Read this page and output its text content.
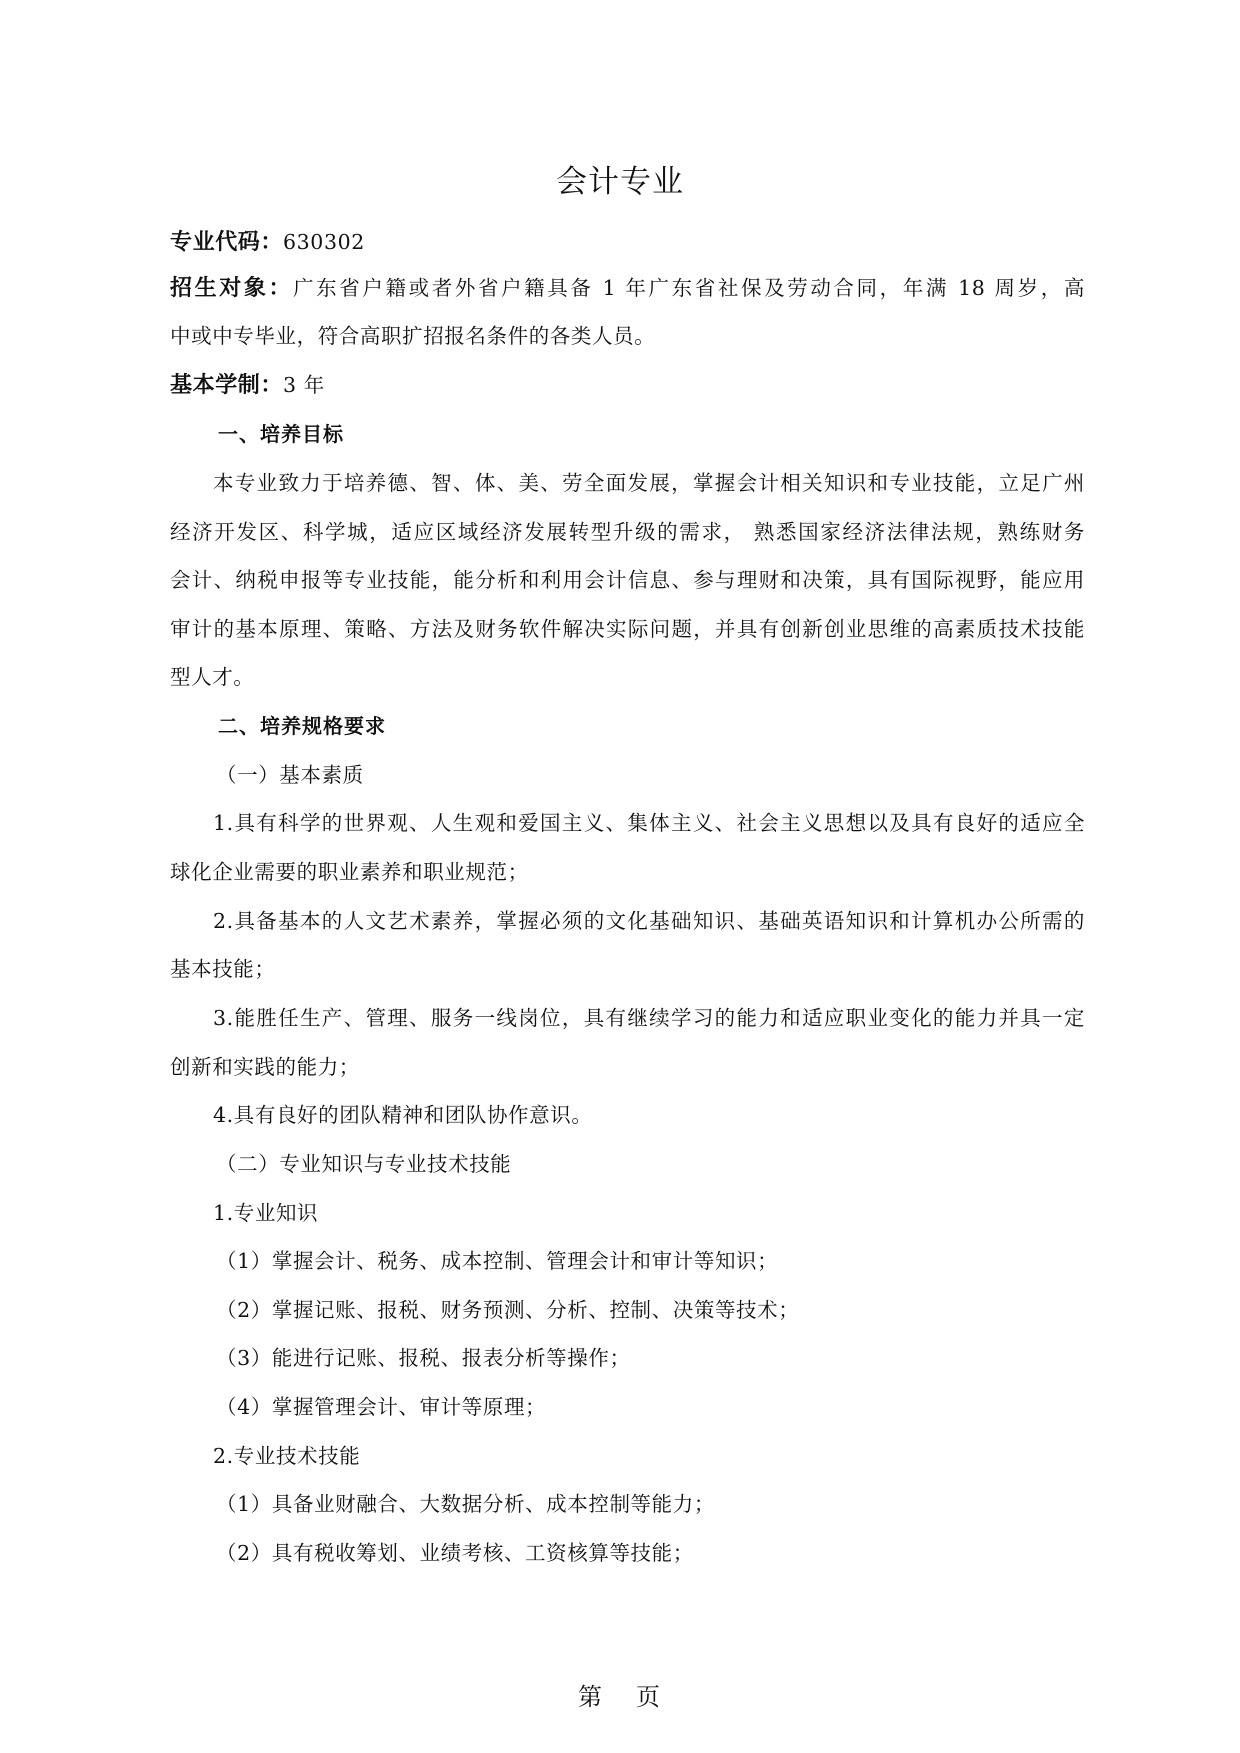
会计专业
专业代码：630302
招生对象：广东省户籍或者外省户籍具备 1 年广东省社保及劳动合同，年满 18 周岁，高
中或中专毕业，符合高职扩招报名条件的各类人员。
基本学制：3 年
一、培养目标
本专业致力于培养德、智、体、美、劳全面发展，掌握会计相关知识和专业技能，立足广州
经济开发区、科学城，适应区域经济发展转型升级的需求， 熟悉国家经济法律法规，熟练财务
会计、纳税申报等专业技能，能分析和利用会计信息、参与理财和决策，具有国际视野，能应用
审计的基本原理、策略、方法及财务软件解决实际问题，并具有创新创业思维的高素质技术技能
型人才。
二、培养规格要求
（一）基本素质
1.具有科学的世界观、人生观和爱国主义、集体主义、社会主义思想以及具有良好的适应全
球化企业需要的职业素养和职业规范；
2.具备基本的人文艺术素养，掌握必须的文化基础知识、基础英语知识和计算机办公所需的
基本技能；
3.能胜任生产、管理、服务一线岗位，具有继续学习的能力和适应职业变化的能力并具一定
创新和实践的能力；
4.具有良好的团队精神和团队协作意识。
（二）专业知识与专业技术技能
1.专业知识
（1）掌握会计、税务、成本控制、管理会计和审计等知识；
（2）掌握记账、报税、财务预测、分析、控制、决策等技术；
（3）能进行记账、报税、报表分析等操作；
（4）掌握管理会计、审计等原理；
2.专业技术技能
（1）具备业财融合、大数据分析、成本控制等能力；
（2）具有税收筹划、业绩考核、工资核算等技能；
第 页
